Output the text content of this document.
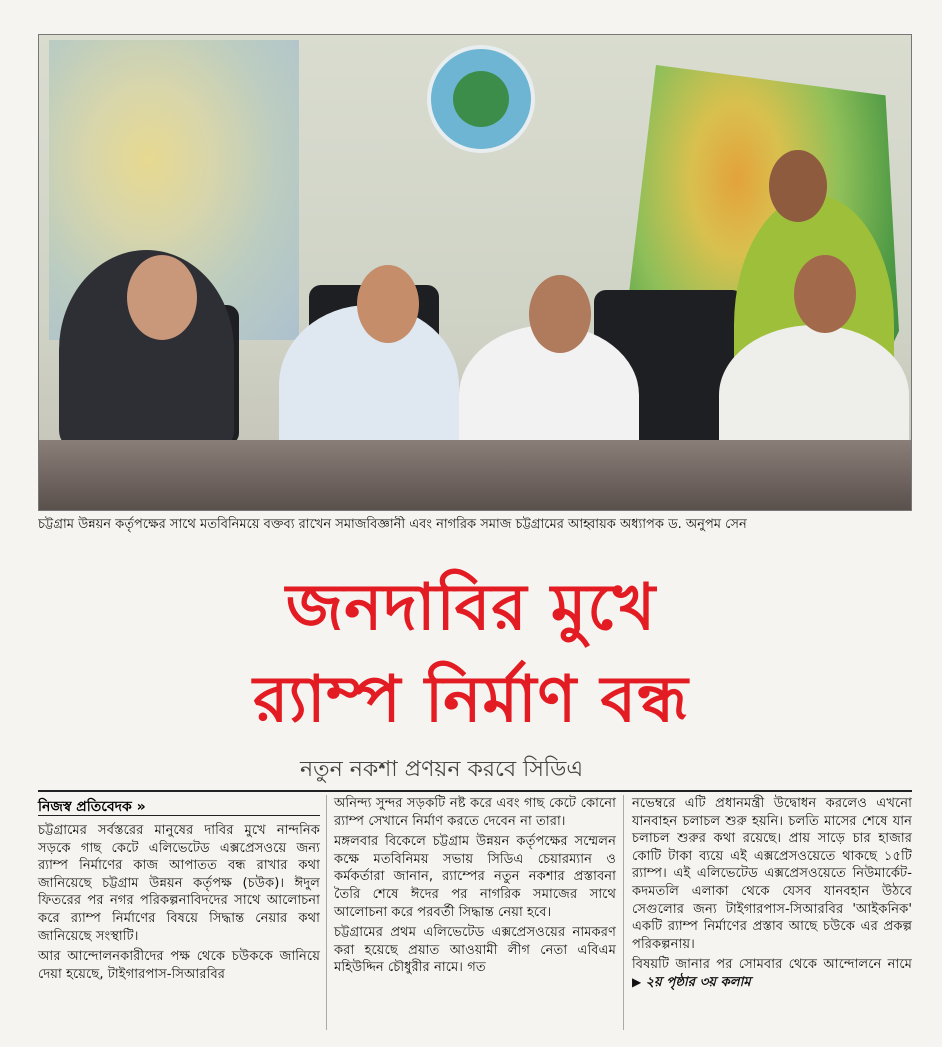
চট্টগ্রাম উন্নয়ন কর্তৃপক্ষের সাথে মতবিনিময়ে বক্তব্য রাখেন সমাজবিজ্ঞানী এবং নাগরিক সমাজ চট্টগ্রামের আহ্বায়ক অধ্যাপক ড. অনুপম সেন
জনদাবির মুখে
র‍্যাম্প নির্মাণ বন্ধ
নতুন নকশা প্রণয়ন করবে সিডিএ
নিজস্ব প্রতিবেদক »

চট্টগ্রামের সর্বস্তরের মানুষের দাবির মুখে নান্দনিক সড়কে গাছ কেটে এলিভেটেড এক্সপ্রেসওয়ে জন্য র‍্যাম্প নির্মাণের কাজ আপাতত বন্ধ রাখার কথা জানিয়েছে চট্টগ্রাম উন্নয়ন কর্তৃপক্ষ (চউক)। ঈদুল ফিতরের পর নগর পরিকল্পনাবিদদের সাথে আলোচনা করে র‍্যাম্প নির্মাণের বিষয়ে সিদ্ধান্ত নেয়ার কথা জানিয়েছে সংস্থাটি।

আর আন্দোলনকারীদের পক্ষ থেকে চউককে জানিয়ে দেয়া হয়েছে, টাইগারপাস-সিআরবির

অনিন্দ্য সুন্দর সড়কটি নষ্ট করে এবং গাছ কেটে কোনো র‍্যাম্প সেখানে নির্মাণ করতে দেবেন না তারা।

মঙ্গলবার বিকেলে চট্টগ্রাম উন্নয়ন কর্তৃপক্ষের সম্মেলন কক্ষে মতবিনিময় সভায় সিডিএ চেয়ারম্যান ও কর্মকর্তারা জানান, র‍্যাম্পের নতুন নকশার প্রস্তাবনা তৈরি শেষে ঈদের পর নাগরিক সমাজের সাথে আলোচনা করে পরবর্তী সিদ্ধান্ত নেয়া হবে।

চট্টগ্রামের প্রথম এলিভেটেড এক্সপ্রেসওয়ের নামকরণ করা হয়েছে প্রয়াত আওয়ামী লীগ নেতা এবিএম মহিউদ্দিন চৌধুরীর নামে। গত

নভেম্বরে এটি প্রধানমন্ত্রী উদ্বোধন করলেও এখনো যানবাহন চলাচল শুরু হয়নি। চলতি মাসের শেষে যান চলাচল শুরুর কথা রয়েছে। প্রায় সাড়ে চার হাজার কোটি টাকা ব্যয়ে এই এক্সপ্রেসওয়েতে থাকছে ১৫টি র‍্যাম্প। এই এলিভেটেড এক্সপ্রেসওয়েতে নিউমার্কেট-কদমতলি এলাকা থেকে যেসব যানবহান উঠবে সেগুলোর জন্য টাইগারপাস-সিআরবির 'আইকনিক' একটি র‍্যাম্প নির্মাণের প্রস্তাব আছে চউকে এর প্রকল্প পরিকল্পনায়।

বিষয়টি জানার পর সোমবার থেকে আন্দোলনে নামে ▶ ২য় পৃষ্ঠার ৩য় কলাম
